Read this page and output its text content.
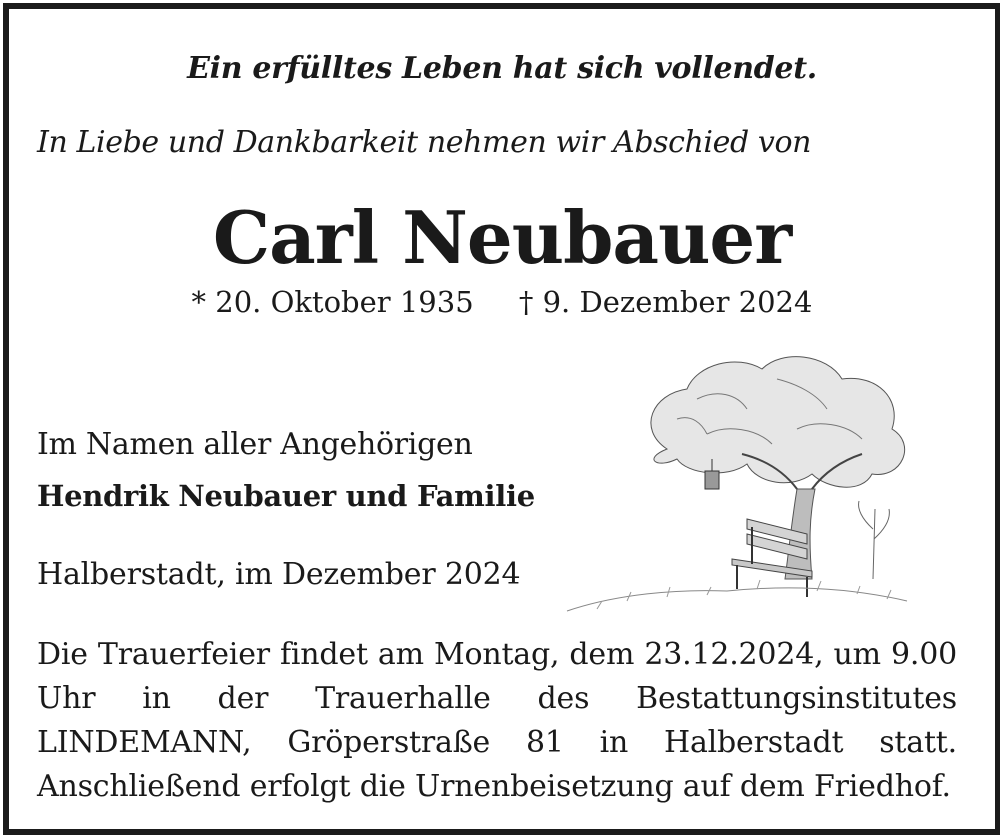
Ein erfülltes Leben hat sich vollendet.
In Liebe und Dankbarkeit nehmen wir Abschied von
Carl Neubauer
* 20. Oktober 1935 † 9. Dezember 2024
Im Namen aller Angehörigen
Hendrik Neubauer und Familie
Halberstadt, im Dezember 2024
Die Trauerfeier findet am Montag, dem 23.12.2024, um 9.00 Uhr in der Trauerhalle des Bestattungsinstitutes LINDEMANN, Gröperstraße 81 in Halberstadt statt. Anschließend erfolgt die Urnenbeisetzung auf dem Friedhof.
